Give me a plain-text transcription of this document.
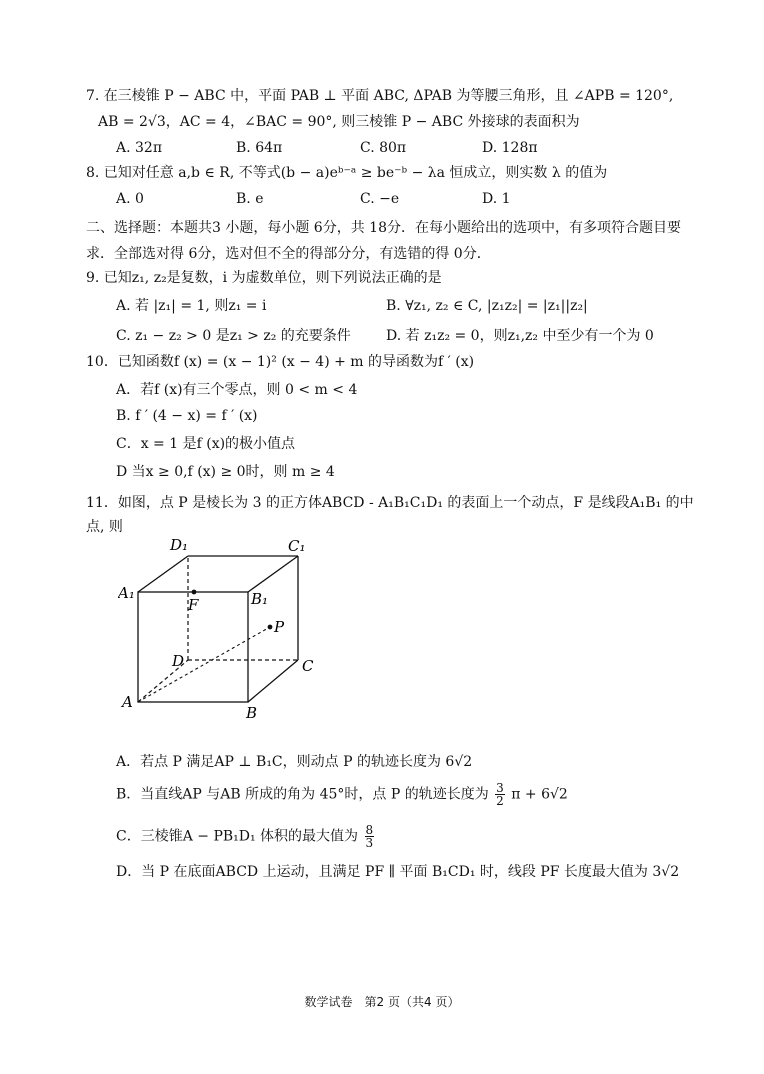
7. 在三棱锥 P − ABC 中，平面 PAB ⊥ 平面 ABC, ΔPAB 为等腰三角形，且 ∠APB = 120°,
AB = 2√3，AC = 4，∠BAC = 90°, 则三棱锥 P − ABC 外接球的表面积为
A. 32π	B. 64π	C. 80π	D. 128π
8. 已知对任意 a,b ∈ R, 不等式(b − a)eᵇ⁻ᵃ ≥ be⁻ᵇ − λa 恒成立，则实数 λ 的值为
A. 0	B. e	C. −e	D. 1
二、选择题：本题共3 小题，每小题 6分，共 18分．在每小题给出的选项中，有多项符合题目要
求．全部选对得 6分，选对但不全的得部分分，有选错的得 0分．
9. 已知z₁, z₂是复数，i 为虚数单位，则下列说法正确的是
A. 若 |z₁| = 1, 则z₁ = i	B. ∀z₁, z₂ ∈ C, |z₁z₂| = |z₁||z₂|
C. z₁ − z₂ > 0 是z₁ > z₂ 的充要条件	D. 若 z₁z₂ = 0，则z₁,z₂ 中至少有一个为 0
10．已知函数f (x) = (x − 1)² (x − 4) + m 的导函数为f ′ (x)
A．若f (x)有三个零点，则 0 < m < 4
B. f ′ (4 − x) = f ′ (x)
C．x = 1 是f (x)的极小值点
D 当x ≥ 0,f (x) ≥ 0时，则 m ≥ 4
11．如图，点 P 是棱长为 3 的正方体ABCD - A₁B₁C₁D₁ 的表面上一个动点，F 是线段A₁B₁ 的中
点, 则
D₁	C₁
A₁	B₁
F
P
D	C
A
B
A．若点 P 满足AP ⊥ B₁C，则动点 P 的轨迹长度为 6√2
B．当直线AP 与AB 所成的角为 45°时，点 P 的轨迹长度为 $\frac{3}{2}$ π + 6√2
C．三棱锥A − PB₁D₁ 体积的最大值为 $\frac{8}{3}$
D．当 P 在底面ABCD 上运动，且满足 PF ∥ 平面 B₁CD₁ 时，线段 PF 长度最大值为 3√2
数学试卷　第2 页（共4 页）
